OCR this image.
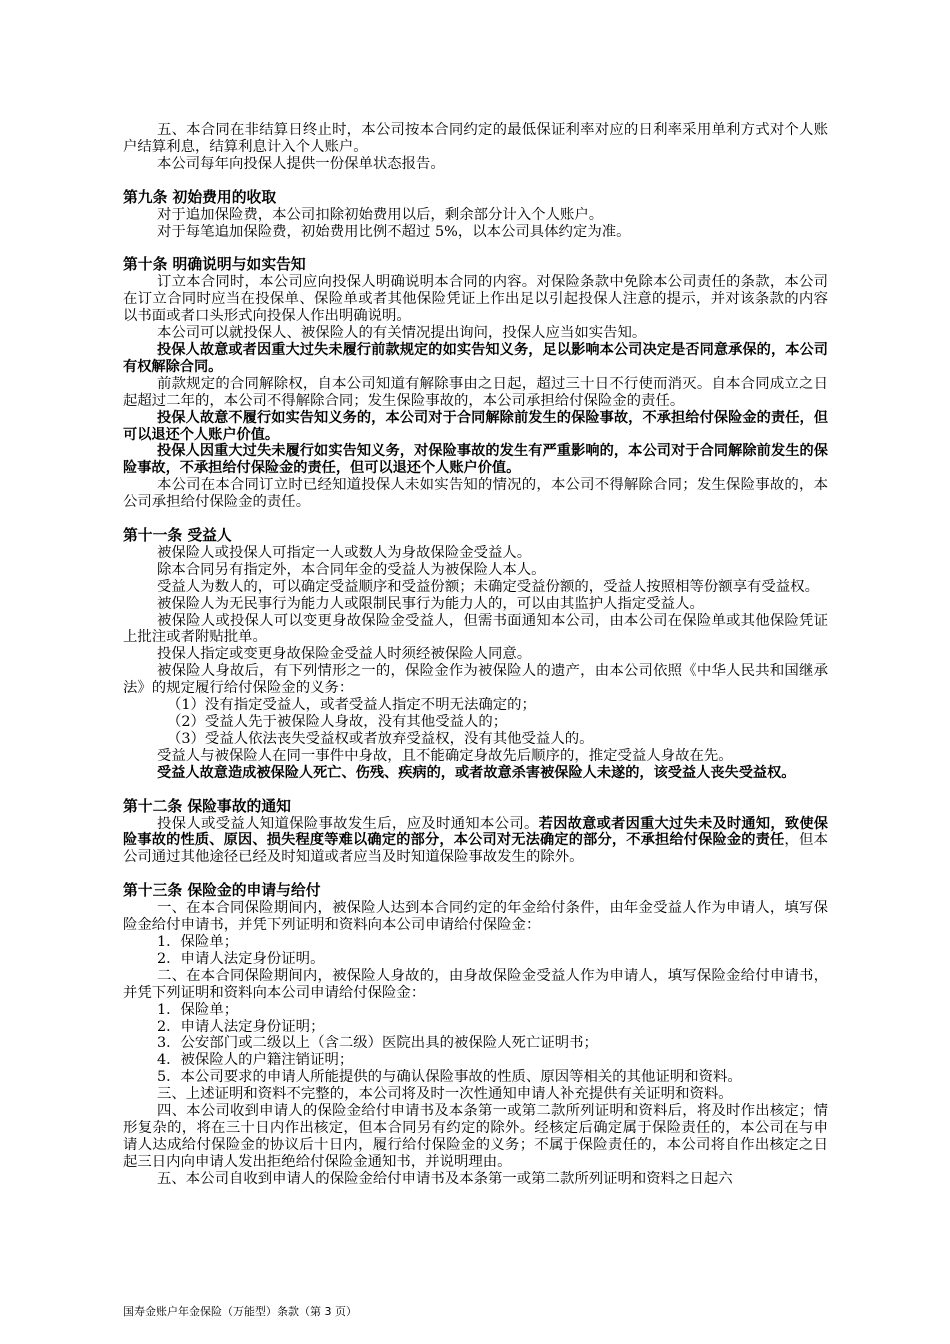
五、本合同在非结算日终止时，本公司按本合同约定的最低保证利率对应的日利率采用单利方式对个人账户结算利息，结算利息计入个人账户。

本公司每年向投保人提供一份保单状态报告。

第九条 初始费用的收取

对于追加保险费，本公司扣除初始费用以后，剩余部分计入个人账户。

对于每笔追加保险费，初始费用比例不超过 5%，以本公司具体约定为准。

第十条 明确说明与如实告知

订立本合同时，本公司应向投保人明确说明本合同的内容。对保险条款中免除本公司责任的条款，本公司在订立合同时应当在投保单、保险单或者其他保险凭证上作出足以引起投保人注意的提示，并对该条款的内容以书面或者口头形式向投保人作出明确说明。

本公司可以就投保人、被保险人的有关情况提出询问，投保人应当如实告知。

投保人故意或者因重大过失未履行前款规定的如实告知义务，足以影响本公司决定是否同意承保的，本公司有权解除合同。

前款规定的合同解除权，自本公司知道有解除事由之日起，超过三十日不行使而消灭。自本合同成立之日起超过二年的，本公司不得解除合同；发生保险事故的，本公司承担给付保险金的责任。

投保人故意不履行如实告知义务的，本公司对于合同解除前发生的保险事故，不承担给付保险金的责任，但可以退还个人账户价值。

投保人因重大过失未履行如实告知义务，对保险事故的发生有严重影响的，本公司对于合同解除前发生的保险事故，不承担给付保险金的责任，但可以退还个人账户价值。

本公司在本合同订立时已经知道投保人未如实告知的情况的，本公司不得解除合同；发生保险事故的，本公司承担给付保险金的责任。

第十一条 受益人

被保险人或投保人可指定一人或数人为身故保险金受益人。

除本合同另有指定外，本合同年金的受益人为被保险人本人。

受益人为数人的，可以确定受益顺序和受益份额；未确定受益份额的，受益人按照相等份额享有受益权。

被保险人为无民事行为能力人或限制民事行为能力人的，可以由其监护人指定受益人。

被保险人或投保人可以变更身故保险金受益人，但需书面通知本公司，由本公司在保险单或其他保险凭证上批注或者附贴批单。

投保人指定或变更身故保险金受益人时须经被保险人同意。

被保险人身故后，有下列情形之一的，保险金作为被保险人的遗产，由本公司依照《中华人民共和国继承法》的规定履行给付保险金的义务：

（1）没有指定受益人，或者受益人指定不明无法确定的；

（2）受益人先于被保险人身故，没有其他受益人的；

（3）受益人依法丧失受益权或者放弃受益权，没有其他受益人的。

受益人与被保险人在同一事件中身故，且不能确定身故先后顺序的，推定受益人身故在先。

受益人故意造成被保险人死亡、伤残、疾病的，或者故意杀害被保险人未遂的，该受益人丧失受益权。

第十二条 保险事故的通知

投保人或受益人知道保险事故发生后，应及时通知本公司。若因故意或者因重大过失未及时通知，致使保险事故的性质、原因、损失程度等难以确定的部分，本公司对无法确定的部分，不承担给付保险金的责任，但本公司通过其他途径已经及时知道或者应当及时知道保险事故发生的除外。

第十三条 保险金的申请与给付

一、在本合同保险期间内，被保险人达到本合同约定的年金给付条件，由年金受益人作为申请人，填写保险金给付申请书，并凭下列证明和资料向本公司申请给付保险金：

1．保险单；

2．申请人法定身份证明。

二、在本合同保险期间内，被保险人身故的，由身故保险金受益人作为申请人，填写保险金给付申请书，并凭下列证明和资料向本公司申请给付保险金：

1．保险单；

2．申请人法定身份证明；

3．公安部门或二级以上（含二级）医院出具的被保险人死亡证明书；

4．被保险人的户籍注销证明；

5．本公司要求的申请人所能提供的与确认保险事故的性质、原因等相关的其他证明和资料。

三、上述证明和资料不完整的，本公司将及时一次性通知申请人补充提供有关证明和资料。

四、本公司收到申请人的保险金给付申请书及本条第一或第二款所列证明和资料后，将及时作出核定；情形复杂的，将在三十日内作出核定，但本合同另有约定的除外。经核定后确定属于保险责任的，本公司在与申请人达成给付保险金的协议后十日内，履行给付保险金的义务；不属于保险责任的，本公司将自作出核定之日起三日内向申请人发出拒绝给付保险金通知书，并说明理由。

五、本公司自收到申请人的保险金给付申请书及本条第一或第二款所列证明和资料之日起六

国寿金账户年金保险（万能型）条款（第 3 页）
